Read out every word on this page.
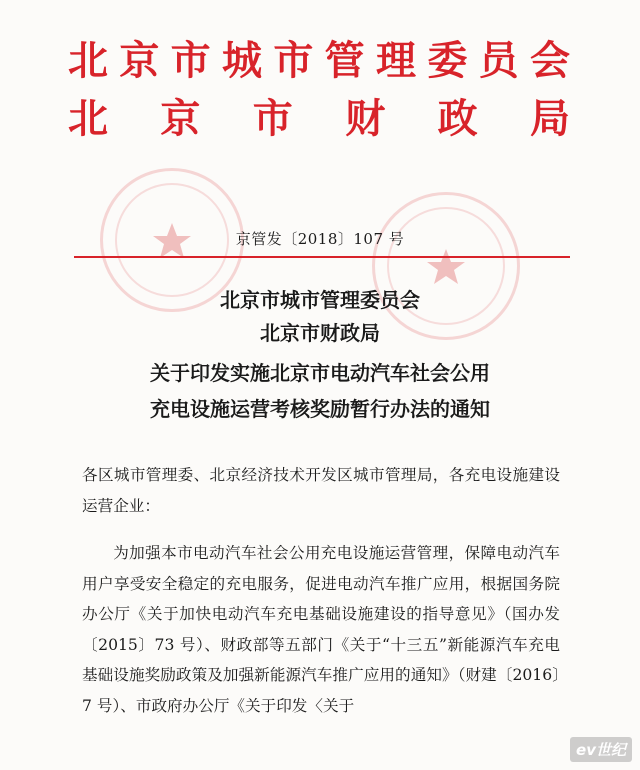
北京市城市管理委员会
北 京 市 财 政 局
京管发〔2018〕107 号
北京市城市管理委员会
北京市财政局
关于印发实施北京市电动汽车社会公用
充电设施运营考核奖励暂行办法的通知
各区城市管理委、北京经济技术开发区城市管理局，各充电设施建设运营企业：
为加强本市电动汽车社会公用充电设施运营管理，保障电动汽车用户享受安全稳定的充电服务，促进电动汽车推广应用，根据国务院办公厅《关于加快电动汽车充电基础设施建设的指导意见》（国办发〔2015〕73 号）、财政部等五部门《关于“十三五”新能源汽车充电基础设施奖励政策及加强新能源汽车推广应用的通知》（财建〔2016〕7 号）、市政府办公厅《关于印发〈关于
ev世纪
